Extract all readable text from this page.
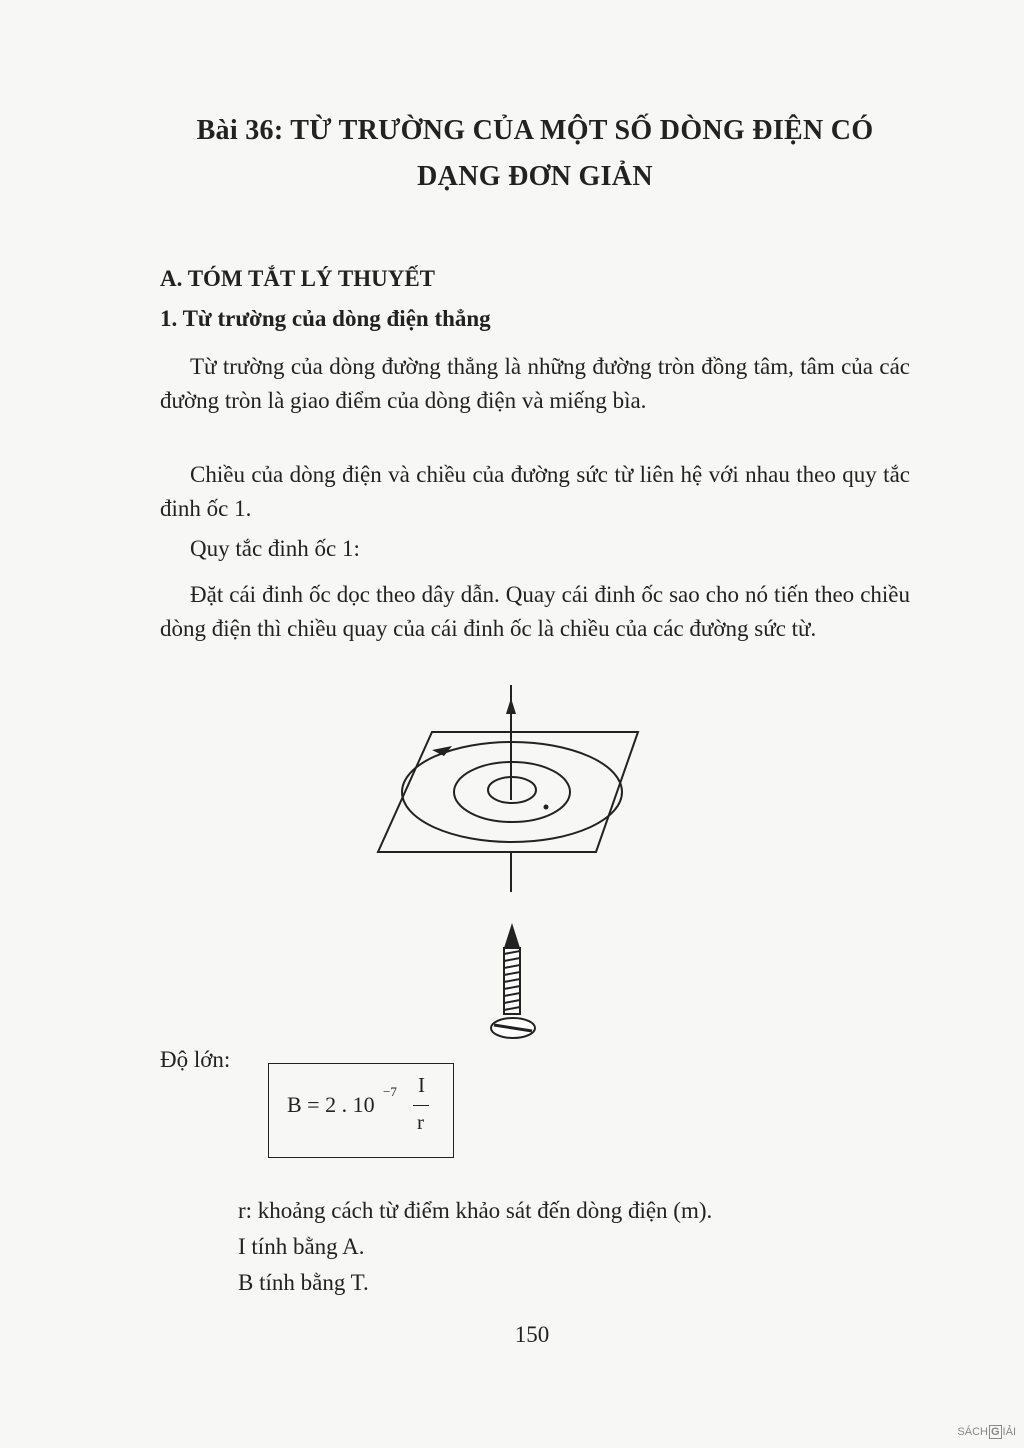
Bài 36: TỪ TRƯỜNG CỦA MỘT SỐ DÒNG ĐIỆN CÓ
DẠNG ĐƠN GIẢN
A. TÓM TẮT LÝ THUYẾT
1. Từ trường của dòng điện thẳng

Từ trường của dòng đường thẳng là những đường tròn đồng tâm, tâm của các đường tròn là giao điểm của dòng điện và miếng bìa.

Chiều của dòng điện và chiều của đường sức từ liên hệ với nhau theo quy tắc đinh ốc 1.

Quy tắc đinh ốc 1:

Đặt cái đinh ốc dọc theo dây dẫn. Quay cái đinh ốc sao cho nó tiến theo chiều dòng điện thì chiều quay của cái đinh ốc là chiều của các đường sức từ.

Độ lớn:
B = 2 . 10
−7 I
r
r: khoảng cách từ điểm khảo sát đến dòng điện (m).
I tính bằng A.
B tính bằng T.
150
SÁCH G IẢI
